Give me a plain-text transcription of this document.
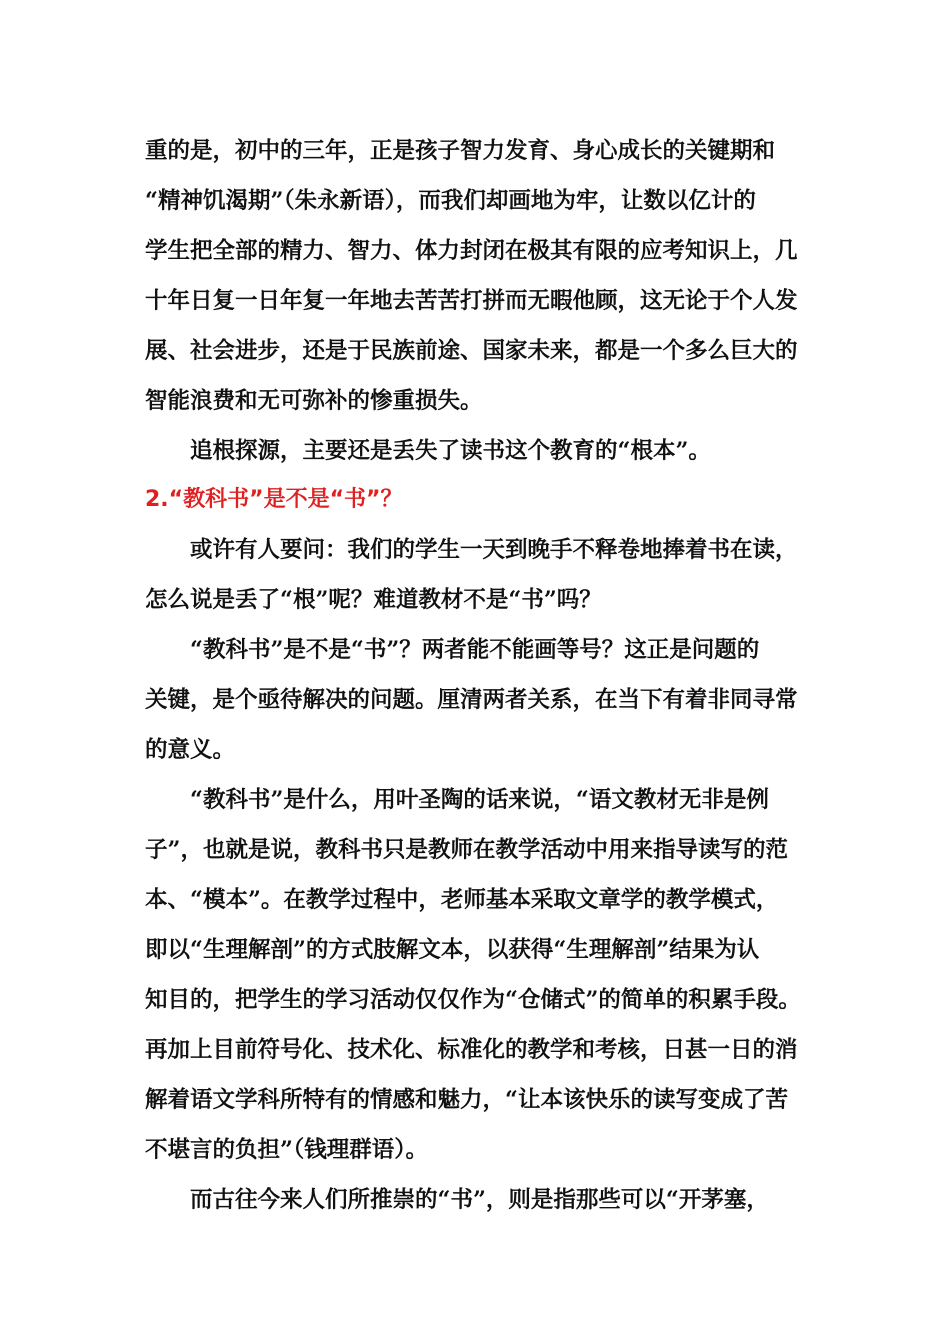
重的是，初中的三年，正是孩子智力发育、身心成长的关键期和
“精神饥渴期”（朱永新语），而我们却画地为牢，让数以亿计的
学生把全部的精力、智力、体力封闭在极其有限的应考知识上，几
十年日复一日年复一年地去苦苦打拼而无暇他顾，这无论于个人发
展、社会进步，还是于民族前途、国家未来，都是一个多么巨大的
智能浪费和无可弥补的惨重损失。
追根探源，主要还是丢失了读书这个教育的“根本”。
2.“教科书”是不是“书”？
或许有人要问：我们的学生一天到晚手不释卷地捧着书在读，
怎么说是丢了“根”呢？难道教材不是“书”吗？
“教科书”是不是“书”？两者能不能画等号？这正是问题的
关键，是个亟待解决的问题。厘清两者关系，在当下有着非同寻常
的意义。
“教科书”是什么，用叶圣陶的话来说，“语文教材无非是例
子”，也就是说，教科书只是教师在教学活动中用来指导读写的范
本、“模本”。在教学过程中，老师基本采取文章学的教学模式，
即以“生理解剖”的方式肢解文本，以获得“生理解剖”结果为认
知目的，把学生的学习活动仅仅作为“仓储式”的简单的积累手段。
再加上目前符号化、技术化、标准化的教学和考核，日甚一日的消
解着语文学科所特有的情感和魅力，“让本该快乐的读写变成了苦
不堪言的负担”（钱理群语）。
而古往今来人们所推崇的“书”，则是指那些可以“开茅塞，
